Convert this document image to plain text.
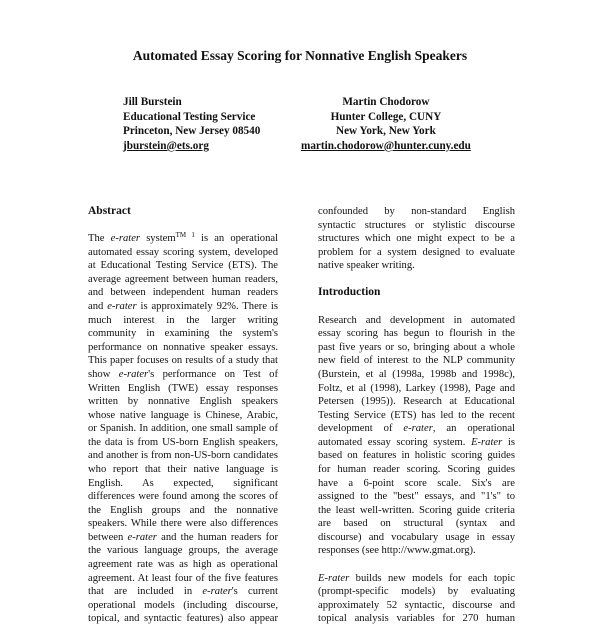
Automated Essay Scoring for Nonnative English Speakers
Jill Burstein
Educational Testing Service
Princeton, New Jersey 08540
jburstein@ets.org
Martin Chodorow
Hunter College, CUNY
New York, New York
martin.chodorow@hunter.cuny.edu
Abstract

The e-rater system$^{TM 1}$ is an operational
automated essay scoring system, developed
at Educational Testing Service (ETS). The
average agreement between human readers,
and between independent human readers
and e-rater is approximately 92%. There is
much interest in the larger writing
community in examining the system's
performance on nonnative speaker essays.
This paper focuses on results of a study that
show e-rater's performance on Test of
Written English (TWE) essay responses
written by nonnative English speakers
whose native language is Chinese, Arabic,
or Spanish. In addition, one small sample of
the data is from US-born English speakers,
and another is from non-US-born candidates
who report that their native language is
English. As expected, significant
differences were found among the scores of
the English groups and the nonnative
speakers. While there were also differences
between e-rater and the human readers for
the various language groups, the average
agreement rate was as high as operational
agreement. At least four of the five features
that are included in e-rater's current
operational models (including discourse,
topical, and syntactic features) also appear

confounded by non-standard English
syntactic structures or stylistic discourse
structures which one might expect to be a
problem for a system designed to evaluate
native speaker writing.

Introduction

Research and development in automated
essay scoring has begun to flourish in the
past five years or so, bringing about a whole
new field of interest to the NLP community
(Burstein, et al (1998a, 1998b and 1998c),
Foltz, et al (1998), Larkey (1998), Page and
Petersen (1995)). Research at Educational
Testing Service (ETS) has led to the recent
development of e-rater, an operational
automated essay scoring system. E-rater is
based on features in holistic scoring guides
for human reader scoring. Scoring guides
have a 6-point score scale. Six's are
assigned to the "best" essays, and "1's" to
the least well-written. Scoring guide criteria
are based on structural (syntax and
discourse) and vocabulary usage in essay
responses (see http://www.gmat.org).

E-rater builds new models for each topic
(prompt-specific models) by evaluating
approximately 52 syntactic, discourse and
topical analysis variables for 270 human
